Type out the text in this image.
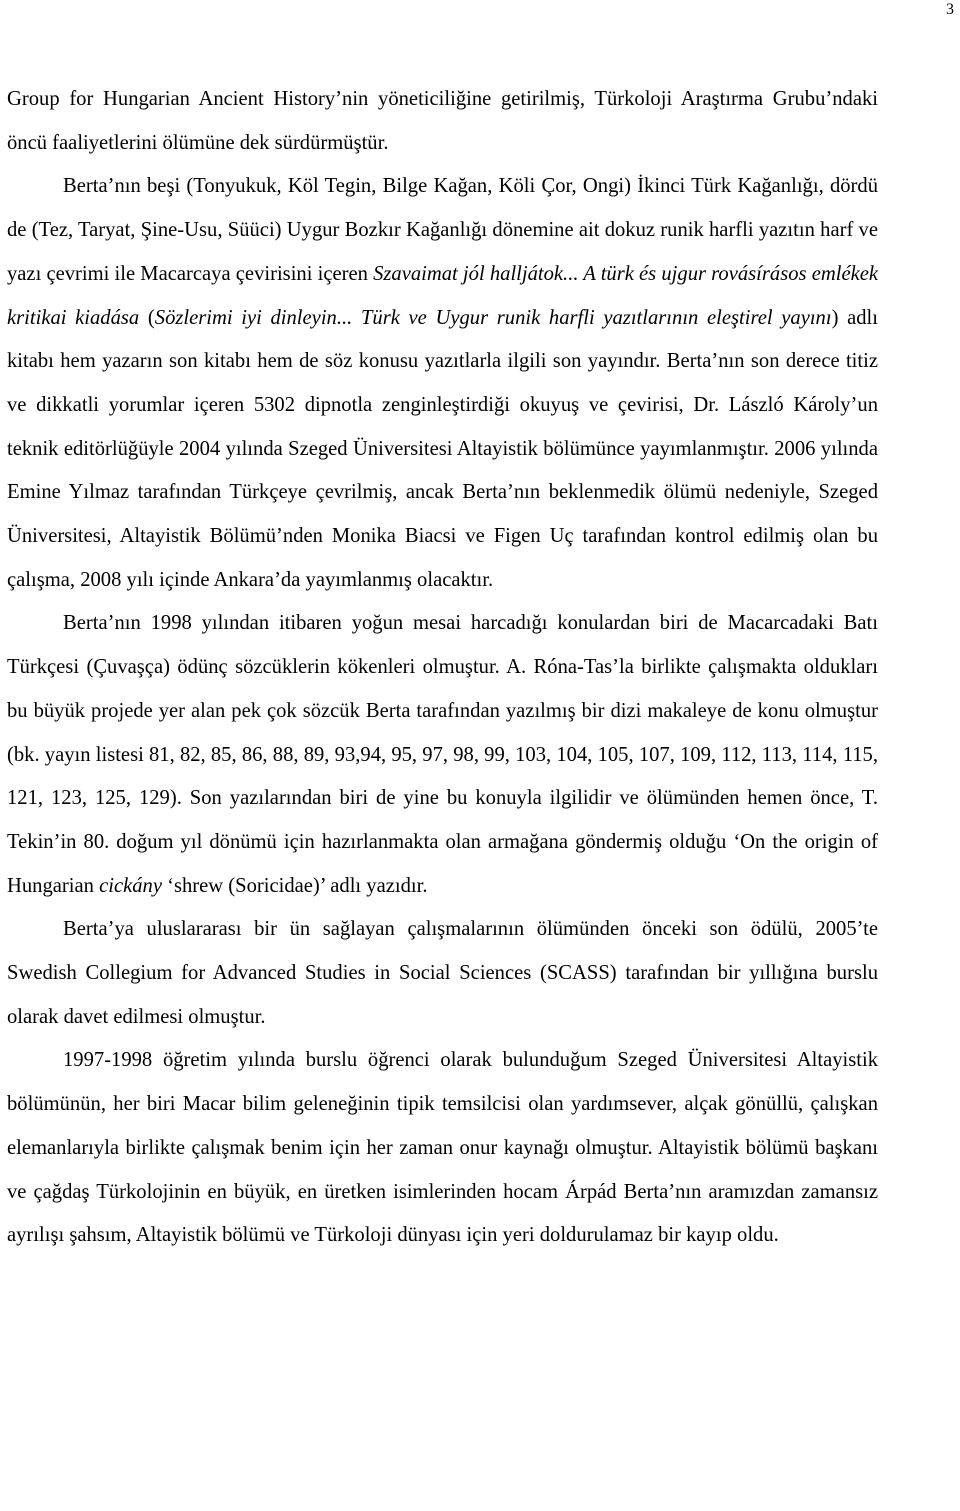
3

Group for Hungarian Ancient History’nin yöneticiliğine getirilmiş, Türkoloji Araştırma Grubu’ndaki öncü faaliyetlerini ölümüne dek sürdürmüştür.

Berta’nın beşi (Tonyukuk, Köl Tegin, Bilge Kağan, Köli Çor, Ongi) İkinci Türk Kağanlığı, dördü de (Tez, Taryat, Şine-Usu, Süüci) Uygur Bozkır Kağanlığı dönemine ait dokuz runik harfli yazıtın harf ve yazı çevrimi ile Macarcaya çevirisini içeren Szavaimat jól halljátok... A türk és ujgur rovásírásos emlékek kritikai kiadása (Sözlerimi iyi dinleyin... Türk ve Uygur runik harfli yazıtlarının eleştirel yayını) adlı kitabı hem yazarın son kitabı hem de söz konusu yazıtlarla ilgili son yayındır. Berta’nın son derece titiz ve dikkatli yorumlar içeren 5302 dipnotla zenginleştirdiği okuyuş ve çevirisi, Dr. László Károly’un teknik editörlüğüyle 2004 yılında Szeged Üniversitesi Altayistik bölümünce yayımlanmıştır. 2006 yılında Emine Yılmaz tarafından Türkçeye çevrilmiş, ancak Berta’nın beklenmedik ölümü nedeniyle, Szeged Üniversitesi, Altayistik Bölümü’nden Monika Biacsi ve Figen Uç tarafından kontrol edilmiş olan bu çalışma, 2008 yılı içinde Ankara’da yayımlanmış olacaktır.

Berta’nın 1998 yılından itibaren yoğun mesai harcadığı konulardan biri de Macarcadaki Batı Türkçesi (Çuvaşça) ödünç sözcüklerin kökenleri olmuştur. A. Róna-Tas’la birlikte çalışmakta oldukları bu büyük projede yer alan pek çok sözcük Berta tarafından yazılmış bir dizi makaleye de konu olmuştur (bk. yayın listesi 81, 82, 85, 86, 88, 89, 93,94, 95, 97, 98, 99, 103, 104, 105, 107, 109, 112, 113, 114, 115, 121, 123, 125, 129). Son yazılarından biri de yine bu konuyla ilgilidir ve ölümünden hemen önce, T. Tekin’in 80. doğum yıl dönümü için hazırlanmakta olan armağana göndermiş olduğu ‘On the origin of Hungarian cickány ‘shrew (Soricidae)’ adlı yazıdır.

Berta’ya uluslararası bir ün sağlayan çalışmalarının ölümünden önceki son ödülü, 2005’te Swedish Collegium for Advanced Studies in Social Sciences (SCASS) tarafından bir yıllığına burslu olarak davet edilmesi olmuştur.

1997-1998 öğretim yılında burslu öğrenci olarak bulunduğum Szeged Üniversitesi Altayistik bölümünün, her biri Macar bilim geleneğinin tipik temsilcisi olan yardımsever, alçak gönüllü, çalışkan elemanlarıyla birlikte çalışmak benim için her zaman onur kaynağı olmuştur. Altayistik bölümü başkanı ve çağdaş Türkolojinin en büyük, en üretken isimlerinden hocam Árpád Berta’nın aramızdan zamansız ayrılışı şahsım, Altayistik bölümü ve Türkoloji dünyası için yeri doldurulamaz bir kayıp oldu.
